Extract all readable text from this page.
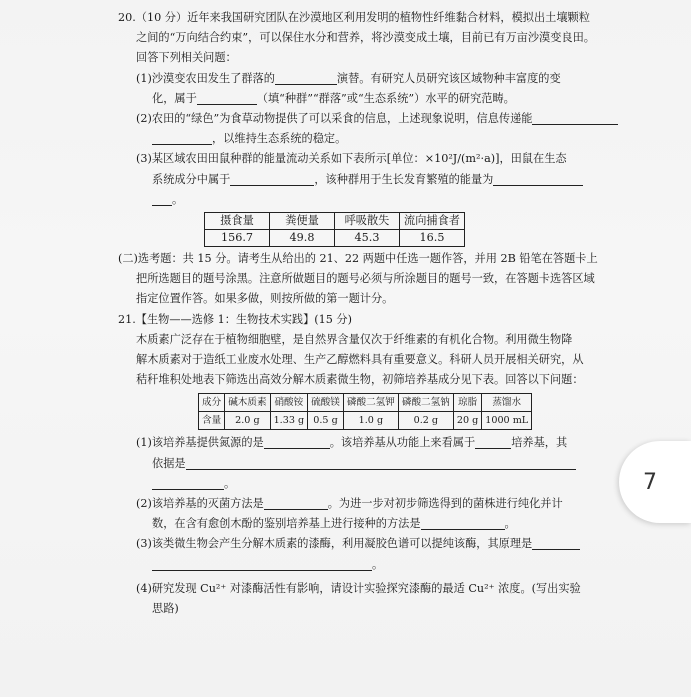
20.（10 分）近年来我国研究团队在沙漠地区利用发明的植物性纤维黏合材料，模拟出土壤颗粒
之间的“万向结合约束”，可以保住水分和营养，将沙漠变成土壤，目前已有万亩沙漠变良田。
回答下列相关问题：
(1)沙漠变农田发生了群落的	演替。有研究人员研究该区域物种丰富度的变
化，属于	（填“种群”“群落”或“生态系统”）水平的研究范畴。
(2)农田的“绿色”为食草动物提供了可以采食的信息，上述现象说明，信息传递能
，以维持生态系统的稳定。
(3)某区域农田田鼠种群的能量流动关系如下表所示[单位：×10²J/(m²·a)]，田鼠在生态
系统成分中属于	，该种群用于生长发育繁殖的能量为
。
摄食量	粪便量	呼吸散失	流向捕食者
156.7	49.8	45.3	16.5
(二)选考题：共 15 分。请考生从给出的 21、22 两题中任选一题作答，并用 2B 铅笔在答题卡上
把所选题目的题号涂黑。注意所做题目的题号必须与所涂题目的题号一致，在答题卡选答区域
指定位置作答。如果多做，则按所做的第一题计分。
21.【生物——选修 1：生物技术实践】(15 分)
木质素广泛存在于植物细胞壁，是自然界含量仅次于纤维素的有机化合物。利用微生物降
解木质素对于造纸工业废水处理、生产乙醇燃料具有重要意义。科研人员开展相关研究，从
秸秆堆积处地表下筛选出高效分解木质素微生物，初筛培养基成分见下表。回答以下问题：
成分	碱木质素	硝酸铵	硫酸镁	磷酸二氢钾	磷酸二氢钠	琼脂	蒸馏水
含量	2.0 g	1.33 g	0.5 g	1.0 g	0.2 g	20 g	1000 mL
(1)该培养基提供氮源的是	。该培养基从功能上来看属于	培养基，其
依据是
。
(2)该培养基的灭菌方法是	。为进一步对初步筛选得到的菌株进行纯化并计
数，在含有愈创木酚的鉴别培养基上进行接种的方法是	。
(3)该类微生物会产生分解木质素的漆酶，利用凝胶色谱可以提纯该酶，其原理是
。
(4)研究发现 Cu²⁺ 对漆酶活性有影响，请设计实验探究漆酶的最适 Cu²⁺ 浓度。(写出实验
思路)
7
